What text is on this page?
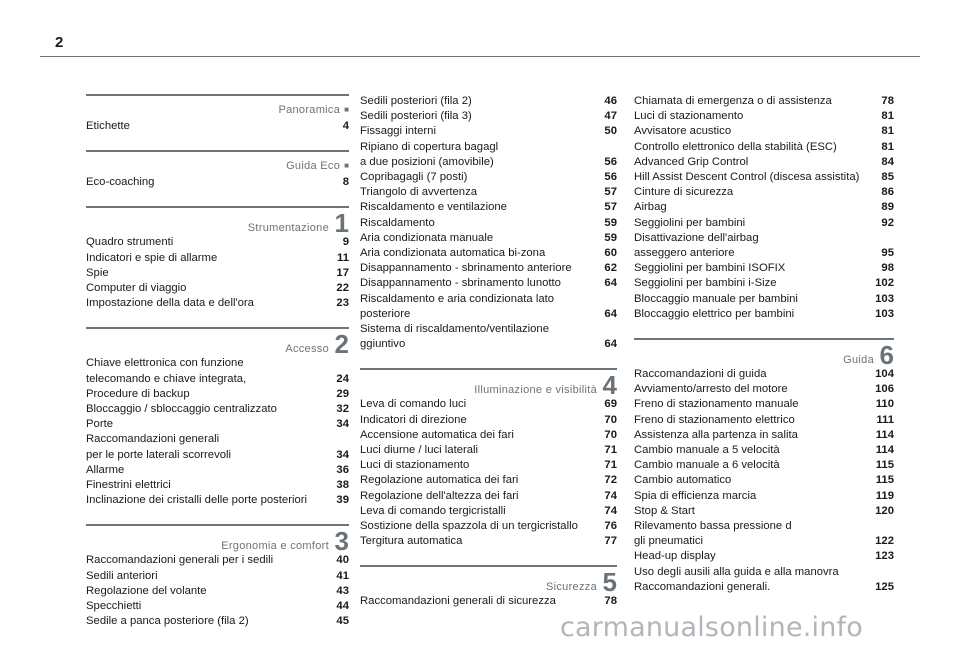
2
Panoramica ■
Etichette	4
Guida Eco ■
Eco-coaching	8
$_{Strumentazione}$ 1
Quadro strumenti	9
Indicatori e spie di allarme	11
Spie	17
Computer di viaggio	22
Impostazione della data e dell'ora	23
$_{Accesso}$ 2
Chiave elettronica con funzione
telecomando e chiave integrata,	24
Procedure di backup	29
Bloccaggio / sbloccaggio centralizzato	32
Porte	34
Raccomandazioni generali
per le porte laterali scorrevoli	34
Allarme	36
Finestrini elettrici	38
Inclinazione dei cristalli delle porte posteriori	39
$_{Ergonomia e comfort}$ 3
Raccomandazioni generali per i sedili	40
Sedili anteriori	41
Regolazione del volante	43
Specchietti	44
Sedile a panca posteriore (fila 2)	45
Sedili posteriori (fila 2)	46
Sedili posteriori (fila 3)	47
Fissaggi interni	50
Ripiano di copertura bagagl
a due posizioni (amovibile)	56
Copribagagli (7 posti)	56
Triangolo di avvertenza	57
Riscaldamento e ventilazione	57
Riscaldamento	59
Aria condizionata manuale	59
Aria condizionata automatica bi-zona	60
Disappannamento - sbrinamento anteriore	62
Disappannamento - sbrinamento lunotto	64
Riscaldamento e aria condizionata lato
posteriore	64
Sistema di riscaldamento/ventilazione
ggiuntivo	64
$_{Illuminazione e visibilità}$ 4
Leva di comando luci	69
Indicatori di direzione	70
Accensione automatica dei fari	70
Luci diurne / luci laterali	71
Luci di stazionamento	71
Regolazione automatica dei fari	72
Regolazione dell'altezza dei fari	74
Leva di comando tergicristalli	74
Sostizione della spazzola di un tergicristallo 76
Tergitura automatica	77
$_{Sicurezza}$ 5
Raccomandazioni generali di sicurezza	78
Chiamata di emergenza o di assistenza	78
Luci di stazionamento	81
Avvisatore acustico	81
Controllo elettronico della stabilità (ESC)	81
Advanced Grip Control	84
Hill Assist Descent Control (discesa assistita) 85
Cinture di sicurezza	86
Airbag	89
Seggiolini per bambini	92
Disattivazione dell'airbag
asseggero anteriore	95
Seggiolini per bambini ISOFIX	98
Seggiolini per bambini i-Size	102
Bloccaggio manuale per bambini	103
Bloccaggio elettrico per bambini	103
$_{Guida}$ 6
Raccomandazioni di guida	104
Avviamento/arresto del motore	106
Freno di stazionamento manuale	110
Freno di stazionamento elettrico	111
Assistenza alla partenza in salita	114
Cambio manuale a 5 velocità	114
Cambio manuale a 6 velocità	115
Cambio automatico	115
Spia di efficienza marcia	119
Stop & Start	120
Rilevamento bassa pressione d
gli pneumatici	122
Head-up display	123
Uso degli ausili alla guida e alla manovra
Raccomandazioni generali.	125
carmanualsonline.info
